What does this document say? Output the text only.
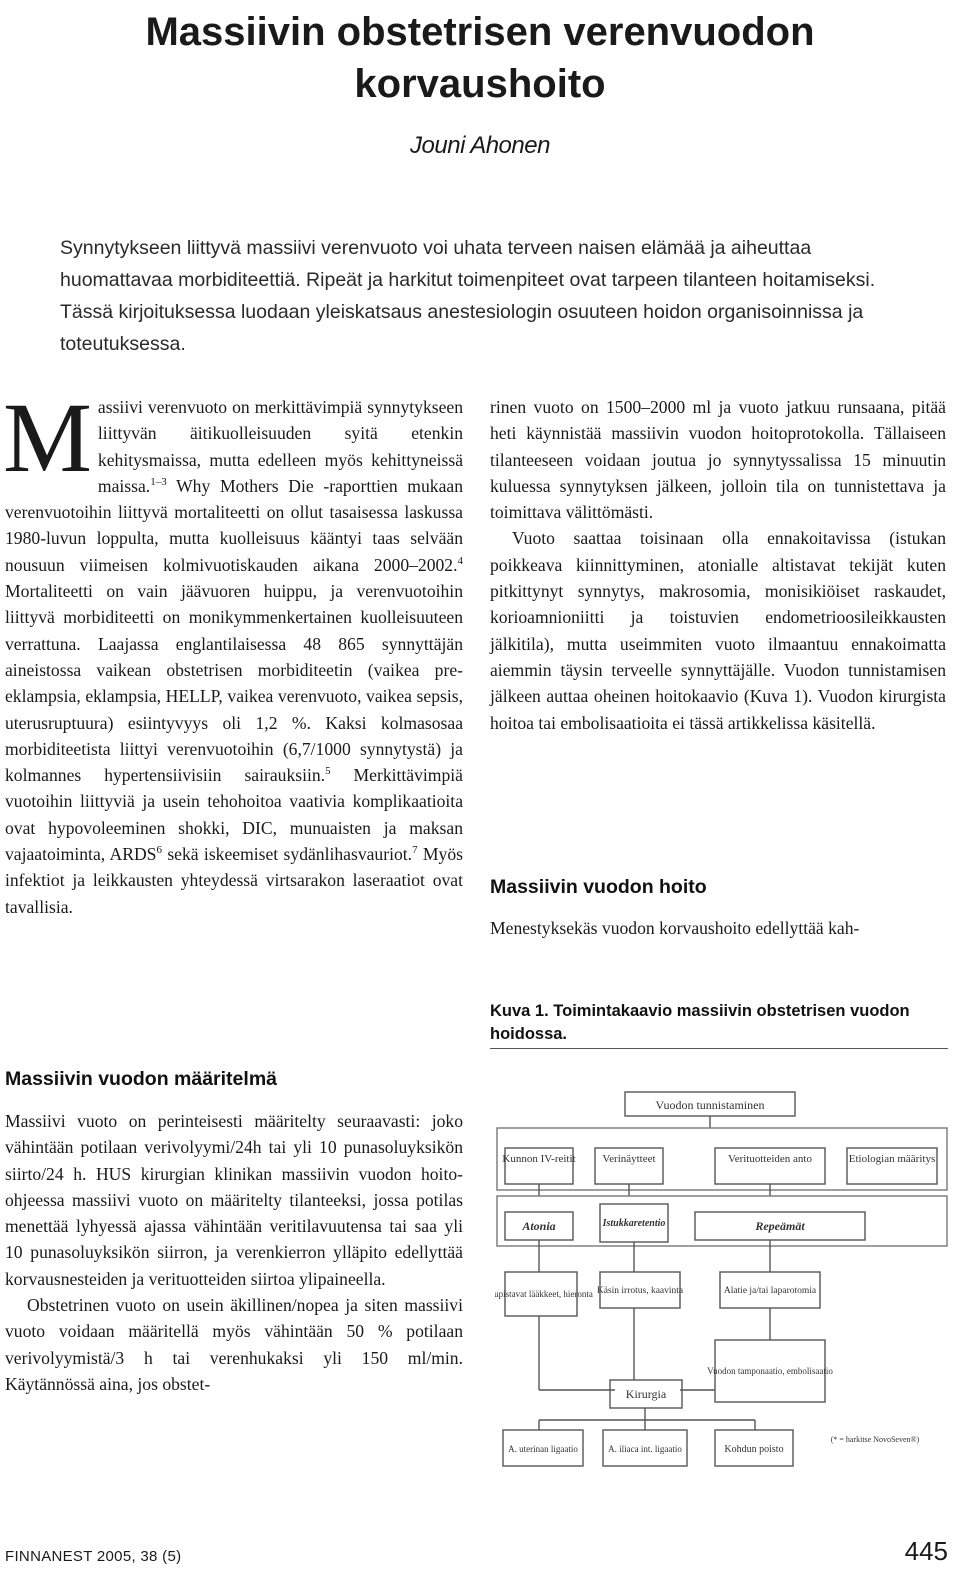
Massiivin obstetrisen verenvuodon
korvaushoito
Jouni Ahonen

Synnytykseen liittyvä massiivi verenvuoto voi uhata terveen naisen elämää ja aiheuttaa huomattavaa morbiditeettiä. Ripeät ja harkitut toimenpiteet ovat tarpeen tilanteen hoitamiseksi. Tässä kirjoituksessa luodaan yleiskatsaus anestesiologin osuuteen hoidon organisoinnissa ja toteutuksessa.

Massiivi verenvuoto on merkittävimpiä synnytykseen liittyvän äitikuolleisuuden syitä etenkin kehitysmaissa, mutta edelleen myös kehittyneissä maissa.$^{1-3}$ Why Mothers Die -raporttien mukaan verenvuotoihin liittyvä mortaliteetti on ollut tasaisessa laskussa 1980-luvun loppulta, mutta kuolleisuus kääntyi taas selvään nousuun viimeisen kolmivuotiskauden aikana 2000–2002.$^4$ Mortaliteetti on vain jäävuoren huippu, ja verenvuotoihin liittyvä morbiditeetti on monikymmenkertainen kuolleisuuteen verrattuna. Laajassa englantilaisessa 48 865 synnyttäjän aineistossa vaikean obstetrisen morbiditeetin (vaikea pre-eklampsia, eklampsia, HELLP, vaikea verenvuoto, vaikea sepsis, uterusruptuura) esiintyvyys oli 1,2 %. Kaksi kolmasosaa morbiditeetista liittyi verenvuotoihin (6,7/1000 synnytystä) ja kolmannes hypertensiivisiin sairauksiin.$^5$ Merkittävimpiä vuotoihin liittyviä ja usein tehohoitoa vaativia komplikaatioita ovat hypovoleeminen shokki, DIC, munuaisten ja maksan vajaatoiminta, ARDS$^6$ sekä iskeemiset sydänlihasvauriot.$^7$ Myös infektiot ja leikkausten yhteydessä virtsarakon laseraatiot ovat tavallisia.

Massiivin vuodon määritelmä

Massiivi vuoto on perinteisesti määritelty seuraavasti: joko vähintään potilaan verivolyymi/24h tai yli 10 punasoluyksikön siirto/24 h. HUS kirurgian klinikan massiivin vuodon hoito-ohjeessa massiivi vuoto on määritelty tilanteeksi, jossa potilas menettää lyhyessä ajassa vähintään veritilavuutensa tai saa yli 10 punasoluyksikön siirron, ja verenkierron ylläpito edellyttää korvausnesteiden ja verituotteiden siirtoa ylipaineella.

Obstetrinen vuoto on usein äkillinen/nopea ja siten massiivi vuoto voidaan määritellä myös vähintään 50 % potilaan verivolyymistä/3 h tai verenhukaksi yli 150 ml/min. Käytännössä aina, jos obstet-

rinen vuoto on 1500–2000 ml ja vuoto jatkuu runsaana, pitää heti käynnistää massiivin vuodon hoitoprotokolla. Tällaiseen tilanteeseen voidaan joutua jo synnytyssalissa 15 minuutin kuluessa synnytyksen jälkeen, jolloin tila on tunnistettava ja toimittava välittömästi.

Vuoto saattaa toisinaan olla ennakoitavissa (istukan poikkeava kiinnittyminen, atonialle altistavat tekijät kuten pitkittynyt synnytys, makrosomia, monisikiöiset raskaudet, korioamnioniitti ja toistuvien endometrioosileikkausten jälkitila), mutta useimmiten vuoto ilmaantuu ennakoimatta aiemmin täysin terveelle synnyttäjälle. Vuodon tunnistamisen jälkeen auttaa oheinen hoitokaavio (Kuva 1). Vuodon kirurgista hoitoa tai embolisaatioita ei tässä artikkelissa käsitellä.

Massiivin vuodon hoito
Menestyksekäs vuodon korvaushoito edellyttää kah-
Kuva 1. Toimintakaavio massiivin obstetrisen vuodon hoidossa.
Vuodon tunnistaminen
Kunnon IV-reitit Verinäytteet	Verituotteiden anto	Etiologian määritys
Atonia	Istukkaretentio	Repeämät
Supistavat lääkkeet, hieronta Käsin irrotus, kaavinta	Alatie ja/tai laparotomia
Vuodon tamponaatio, embolisaatio
Kirurgia
A. uterinan ligaatio	A. iliaca int. ligaatio	Kohdun poisto
(* = harkitse NovoSeven®)
FINNANEST 2005, 38 (5)	445
